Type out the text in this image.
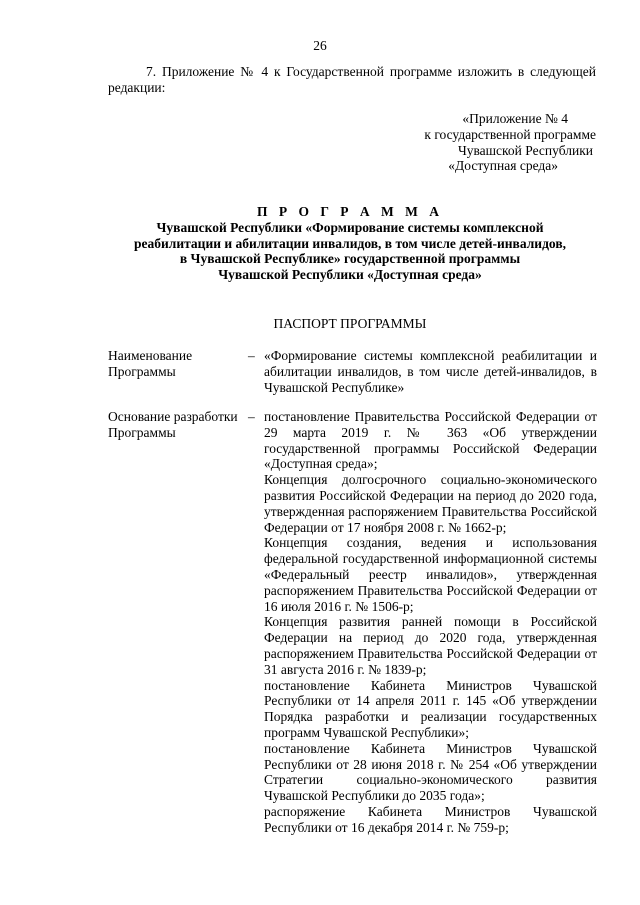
26
7. Приложение № 4 к Государственной программе изложить в следующей редакции:
«Приложение № 4
к государственной программе
Чувашской Республики
«Доступная среда»
П Р О Г Р А М М А
Чувашской Республики «Формирование системы комплексной
реабилитации и абилитации инвалидов, в том числе детей-инвалидов,
в Чувашской Республике» государственной программы
Чувашской Республики «Доступная среда»
ПАСПОРТ ПРОГРАММЫ
Наименование Программы
– «Формирование системы комплексной реабилитации и абилитации инвалидов, в том числе детей-инвалидов, в Чувашской Республике»
Основание разработки Программы
– постановление Правительства Российской Федерации от 29 марта 2019 г. № 363 «Об утверждении государственной программы Российской Федерации «Доступная среда»;

Концепция долгосрочного социально-экономического развития Российской Федерации на период до 2020 года, утвержденная распоряжением Правительства Российской Федерации от 17 ноября 2008 г. № 1662-р;

Концепция создания, ведения и использования федеральной государственной информационной системы «Федеральный реестр инвалидов», утвержденная распоряжением Правительства Российской Федерации от 16 июля 2016 г. № 1506-р;

Концепция развития ранней помощи в Российской Федерации на период до 2020 года, утвержденная распоряжением Правительства Российской Федерации от 31 августа 2016 г. № 1839-р;

постановление Кабинета Министров Чувашской Республики от 14 апреля 2011 г. 145 «Об утверждении Порядка разработки и реализации государственных программ Чувашской Республики»;

постановление Кабинета Министров Чувашской Республики от 28 июня 2018 г. № 254 «Об утверждении Стратегии социально-экономического развития Чувашской Республики до 2035 года»;

распоряжение Кабинета Министров Чувашской Республики от 16 декабря 2014 г. № 759-р;
